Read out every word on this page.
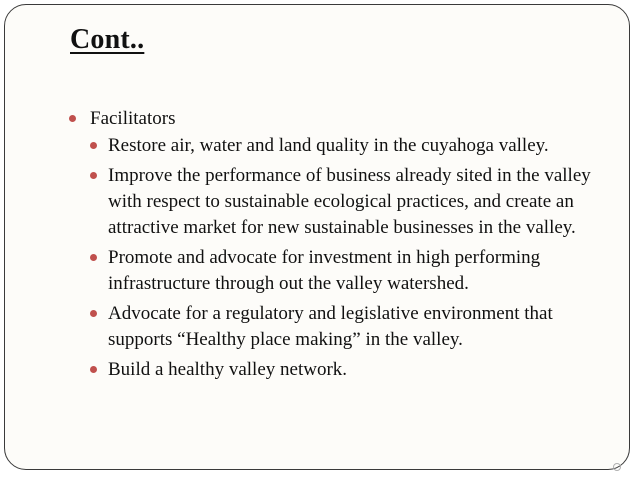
Cont..
Facilitators
Restore air, water and land quality in the cuyahoga valley.
Improve the performance of business already sited in the valley with respect to sustainable ecological practices, and create an attractive market for new sustainable businesses in the valley.
Promote and advocate for investment in high performing infrastructure through out the valley watershed.
Advocate for a regulatory and legislative environment that supports “Healthy place making” in the valley.
Build a healthy valley network.
